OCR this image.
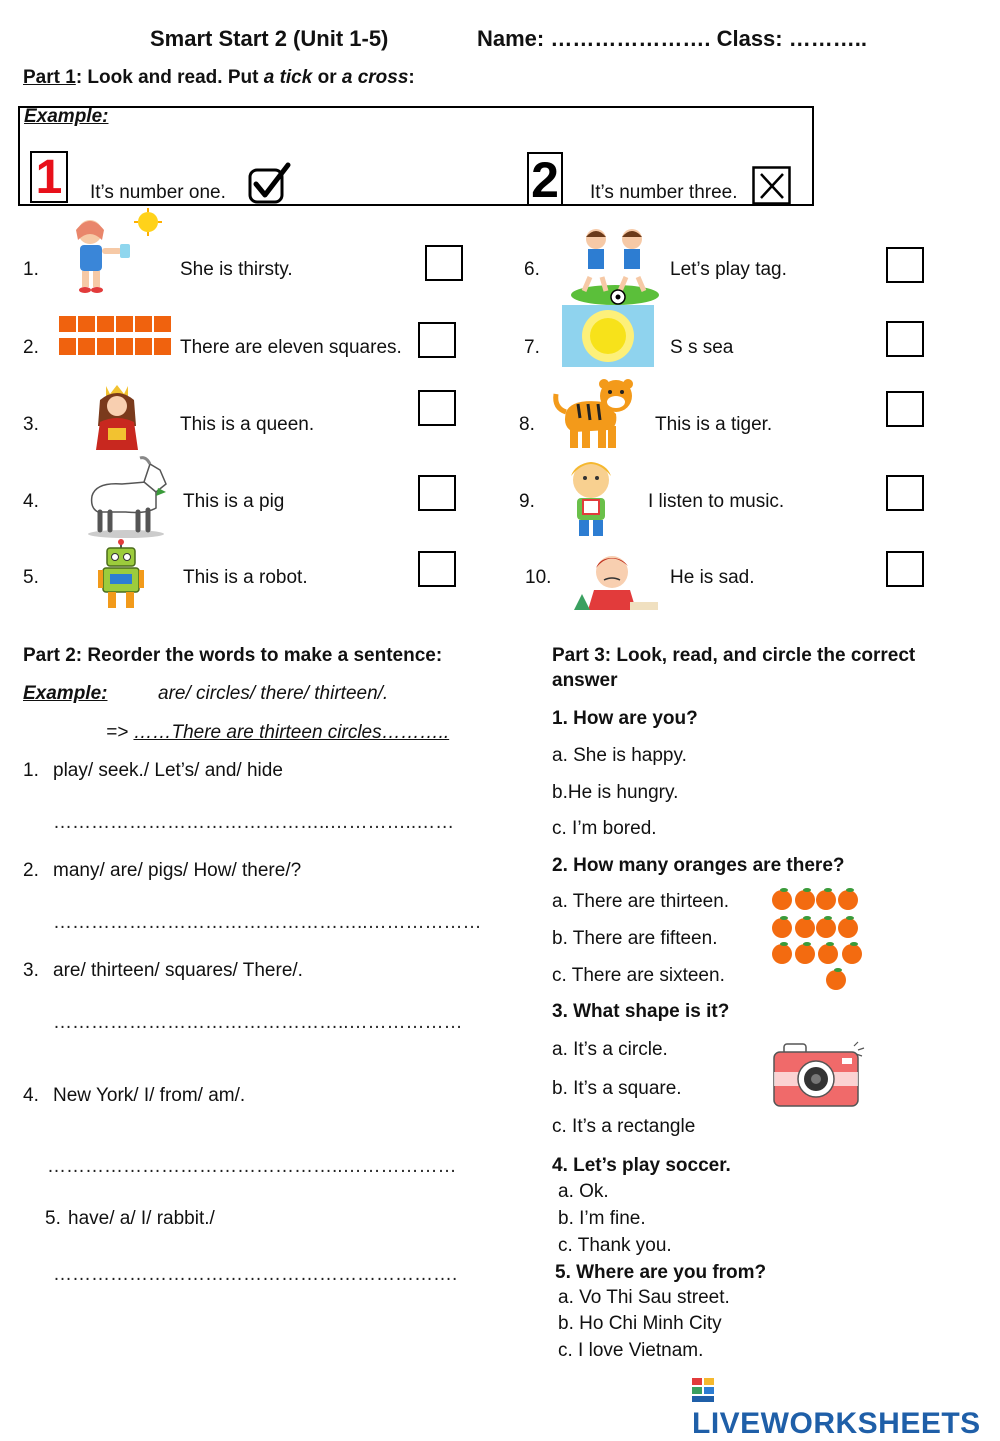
Smart Start 2 (Unit 1-5)	Name: …………………. Class: ………..
Part 1: Look and read. Put a tick or a cross:
Example:
1 It’s number one.	2 It’s number three.
1.	She is thirsty.
2.	There are eleven squares.
3.	This is a queen.
4.	This is a pig
5.	This is a robot.
6.	Let’s play tag.
7.	S s sea
8.	This is a tiger.
9.	I listen to music.
10.	He is sad.
Part 2: Reorder the words to make a sentence:
Example:	are/ circles/ there/ thirteen/.
=> ……There are thirteen circles………..
1. play/ seek./ Let’s/ and/ hide
……………………………………..…………..……
2. many/ are/ pigs/ How/ there/?
…………………………………………..………………
3. are/ thirteen/ squares/ There/.
………………………………………..………………
4. New York/ I/ from/ am/.
………………………………………..………………
5. have/ a/ I/ rabbit./
……………………………………………………….
Part 3: Look, read, and circle the correct
answer
1. How are you?
a. She is happy.
b.He is hungry.
c. I’m bored.
2. How many oranges are there?
a. There are thirteen.
b. There are fifteen.
c. There are sixteen.
3. What shape is it?
a. It’s a circle.
b. It’s a square.
c. It’s a rectangle
4. Let’s play soccer.
a. Ok.
b. I’m fine.
c. Thank you.
5. Where are you from?
a. Vo Thi Sau street.
b. Ho Chi Minh City
c. I love Vietnam.
LIVEWORKSHEETS
